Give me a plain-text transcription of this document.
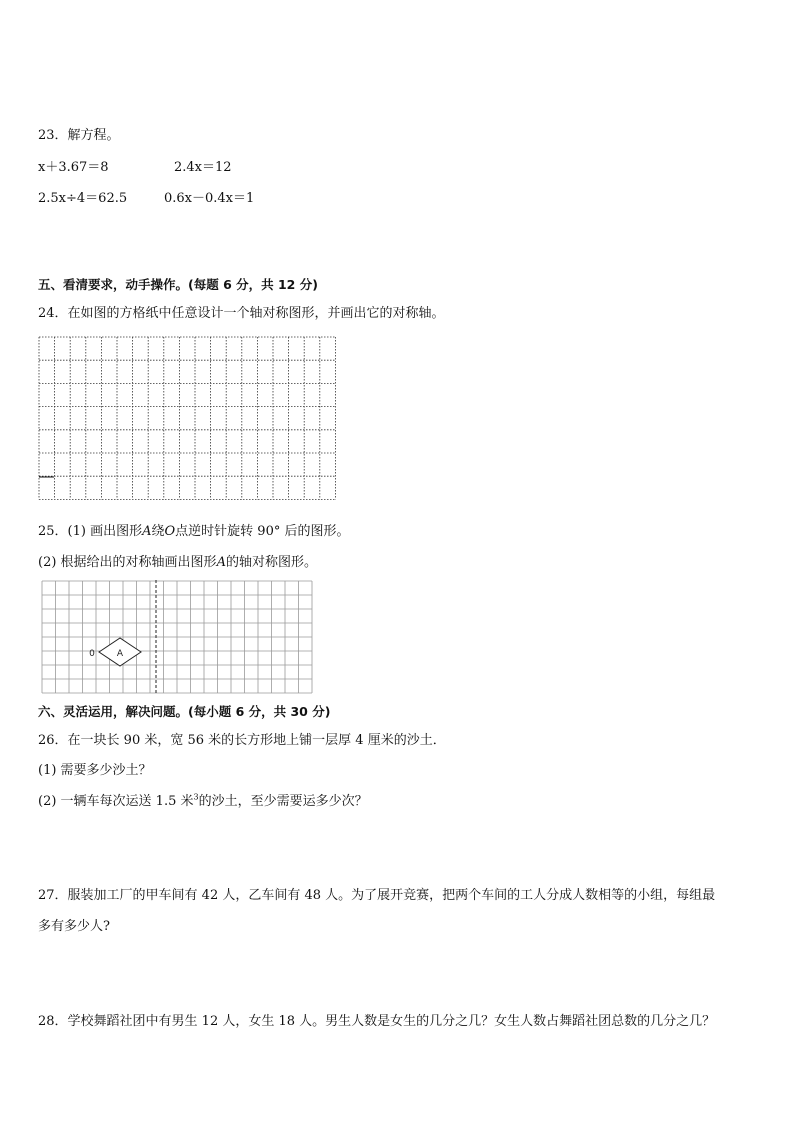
23．解方程。
x＋3.67＝8	2.4x＝12
2.5x÷4＝62.5	0.6x－0.4x＝1
五、看清要求，动手操作。(每题 6 分，共 12 分)
24．在如图的方格纸中任意设计一个轴对称图形，并画出它的对称轴。
25．(1) 画出图形A绕O点逆时针旋转 90° 后的图形。
(2) 根据给出的对称轴画出图形A的轴对称图形。
A
0
六、灵活运用，解决问题。(每小题 6 分，共 30 分)
26．在一块长 90 米，宽 56 米的长方形地上铺一层厚 4 厘米的沙土．
(1) 需要多少沙土？
(2) 一辆车每次运送 1.5 米$^3$的沙土，至少需要运多少次？
27．服装加工厂的甲车间有 42 人，乙车间有 48 人。为了展开竞赛，把两个车间的工人分成人数相等的小组，每组最
多有多少人?
28．学校舞蹈社团中有男生 12 人，女生 18 人。男生人数是女生的几分之几？女生人数占舞蹈社团总数的几分之几？
